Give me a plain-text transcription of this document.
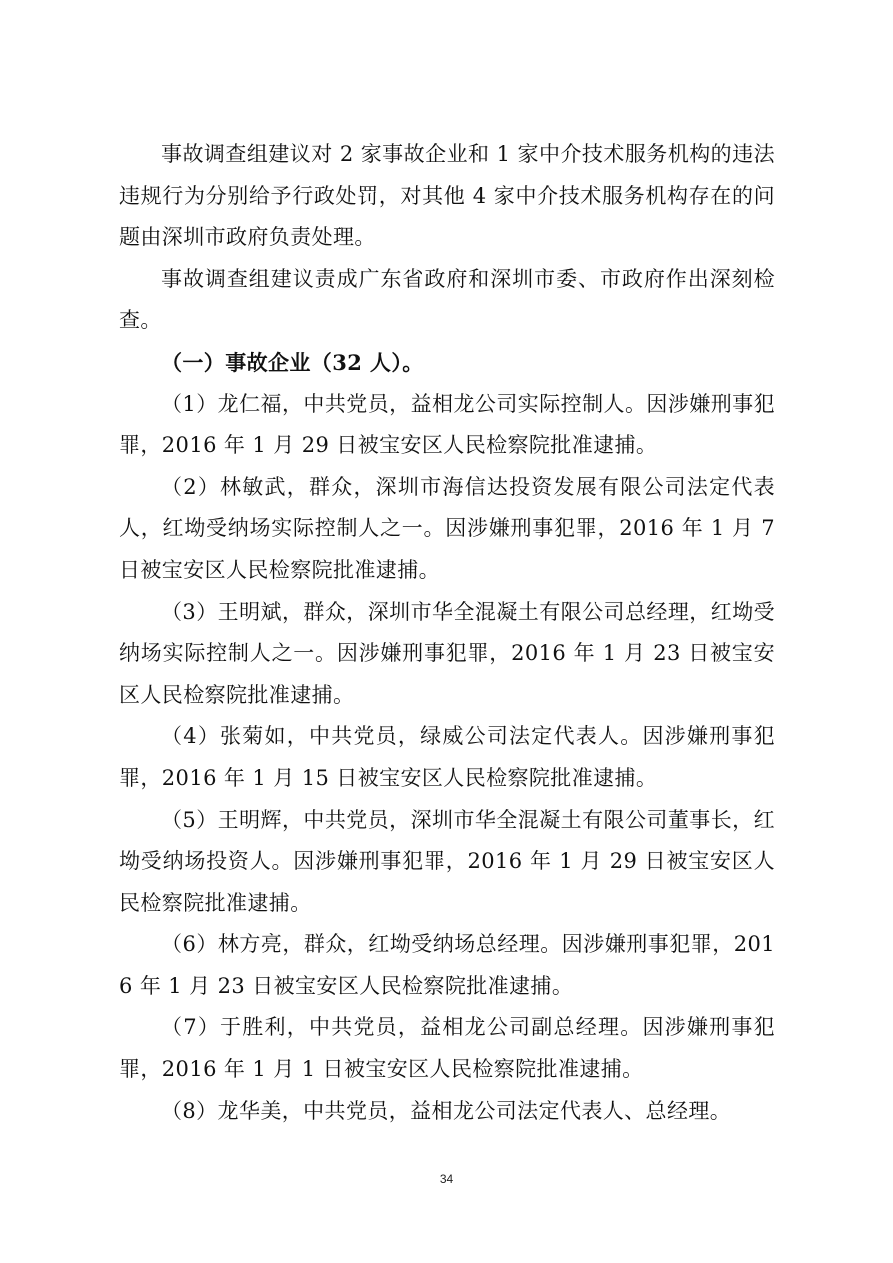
事故调查组建议对 2 家事故企业和 1 家中介技术服务机构的违法违规行为分别给予行政处罚，对其他 4 家中介技术服务机构存在的问题由深圳市政府负责处理。

事故调查组建议责成广东省政府和深圳市委、市政府作出深刻检查。

（一）事故企业（32 人）。

（1）龙仁福，中共党员，益相龙公司实际控制人。因涉嫌刑事犯罪，2016 年 1 月 29 日被宝安区人民检察院批准逮捕。

（2）林敏武，群众，深圳市海信达投资发展有限公司法定代表人，红坳受纳场实际控制人之一。因涉嫌刑事犯罪，2016 年 1 月 7 日被宝安区人民检察院批准逮捕。

（3）王明斌，群众，深圳市华全混凝土有限公司总经理，红坳受纳场实际控制人之一。因涉嫌刑事犯罪，2016 年 1 月 23 日被宝安区人民检察院批准逮捕。

（4）张菊如，中共党员，绿威公司法定代表人。因涉嫌刑事犯罪，2016 年 1 月 15 日被宝安区人民检察院批准逮捕。

（5）王明辉，中共党员，深圳市华全混凝土有限公司董事长，红坳受纳场投资人。因涉嫌刑事犯罪，2016 年 1 月 29 日被宝安区人民检察院批准逮捕。

（6）林方亮，群众，红坳受纳场总经理。因涉嫌刑事犯罪，2016 年 1 月 23 日被宝安区人民检察院批准逮捕。

（7）于胜利，中共党员，益相龙公司副总经理。因涉嫌刑事犯罪，2016 年 1 月 1 日被宝安区人民检察院批准逮捕。

（8）龙华美，中共党员，益相龙公司法定代表人、总经理。

34
